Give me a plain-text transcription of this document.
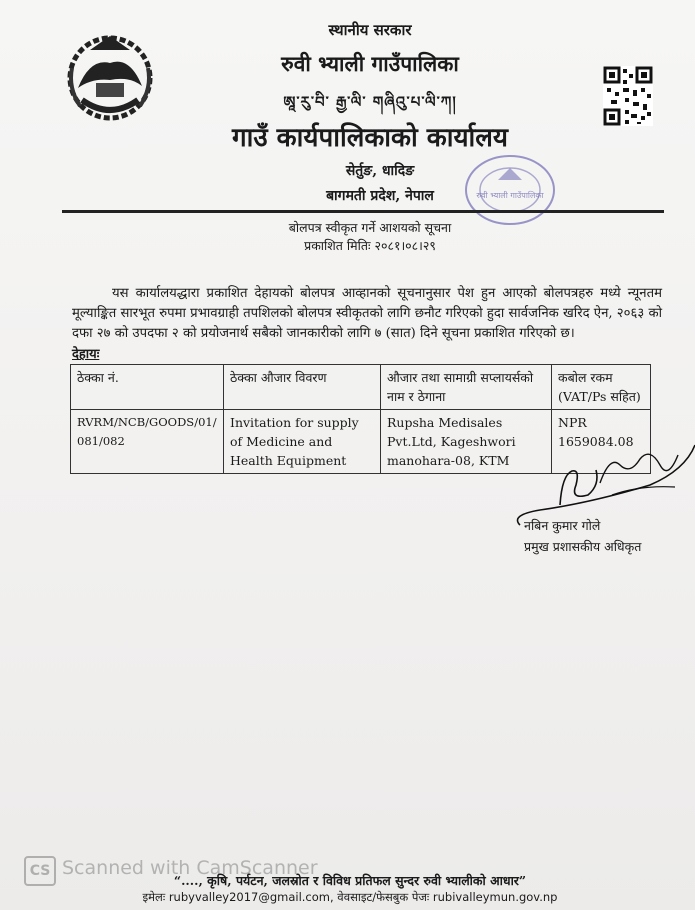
स्थानीय सरकार
रुवी भ्याली गाउँपालिका
ཨཱ་རུ་བི་ རྒྱ་ལི་ གཞིའུ་པ་ལི་ཀ།
गाउँ कार्यपालिकाको कार्यालय
सेर्तुङ, धादिङ
बागमती प्रदेश, नेपाल	रुवी भ्याली गाउँपालिका
बोलपत्र स्वीकृत गर्ने आशयको सूचना
प्रकाशित मितिः २०८१।०८।२९
यस कार्यालयद्धारा प्रकाशित देहायको बोलपत्र आव्हानको सूचनानुसार पेश हुन आएको बोलपत्रहरु मध्ये न्यूनतम मूल्याङ्कित सारभूत रुपमा प्रभावग्राही तपशिलको बोलपत्र स्वीकृतको लागि छनौट गरिएको हुदा सार्वजनिक खरिद ऐन, २०६३ को दफा २७ को उपदफा २ को प्रयोजनार्थ सबैको जानकारीको लागि ७ (सात) दिने सूचना प्रकाशित गरिएको छ।
देहायः
ठेक्का नं.	ठेक्का औजार विवरण	औजार तथा सामाग्री सप्लायर्सको नाम र ठेगाना	कबोल रकम (VAT/Ps सहित)
RVRM/NCB/GOODS/01/ 081/082	Invitation for supply of Medicine and Health Equipment	Rupsha Medisales Pvt.Ltd, Kageshwori manohara-08, KTM	NPR 1659084.08
नबिन कुमार गोले
प्रमुख प्रशासकीय अधिकृत
CS Scanned with CamScanner
“...., कृषि, पर्यटन, जलस्रोत र विविध प्रतिफल सुन्दर रुवी भ्यालीको आधार”
इमेलः rubyvalley2017@gmail.com, वेवसाइट/फेसबुक पेजः rubivalleymun.gov.np
